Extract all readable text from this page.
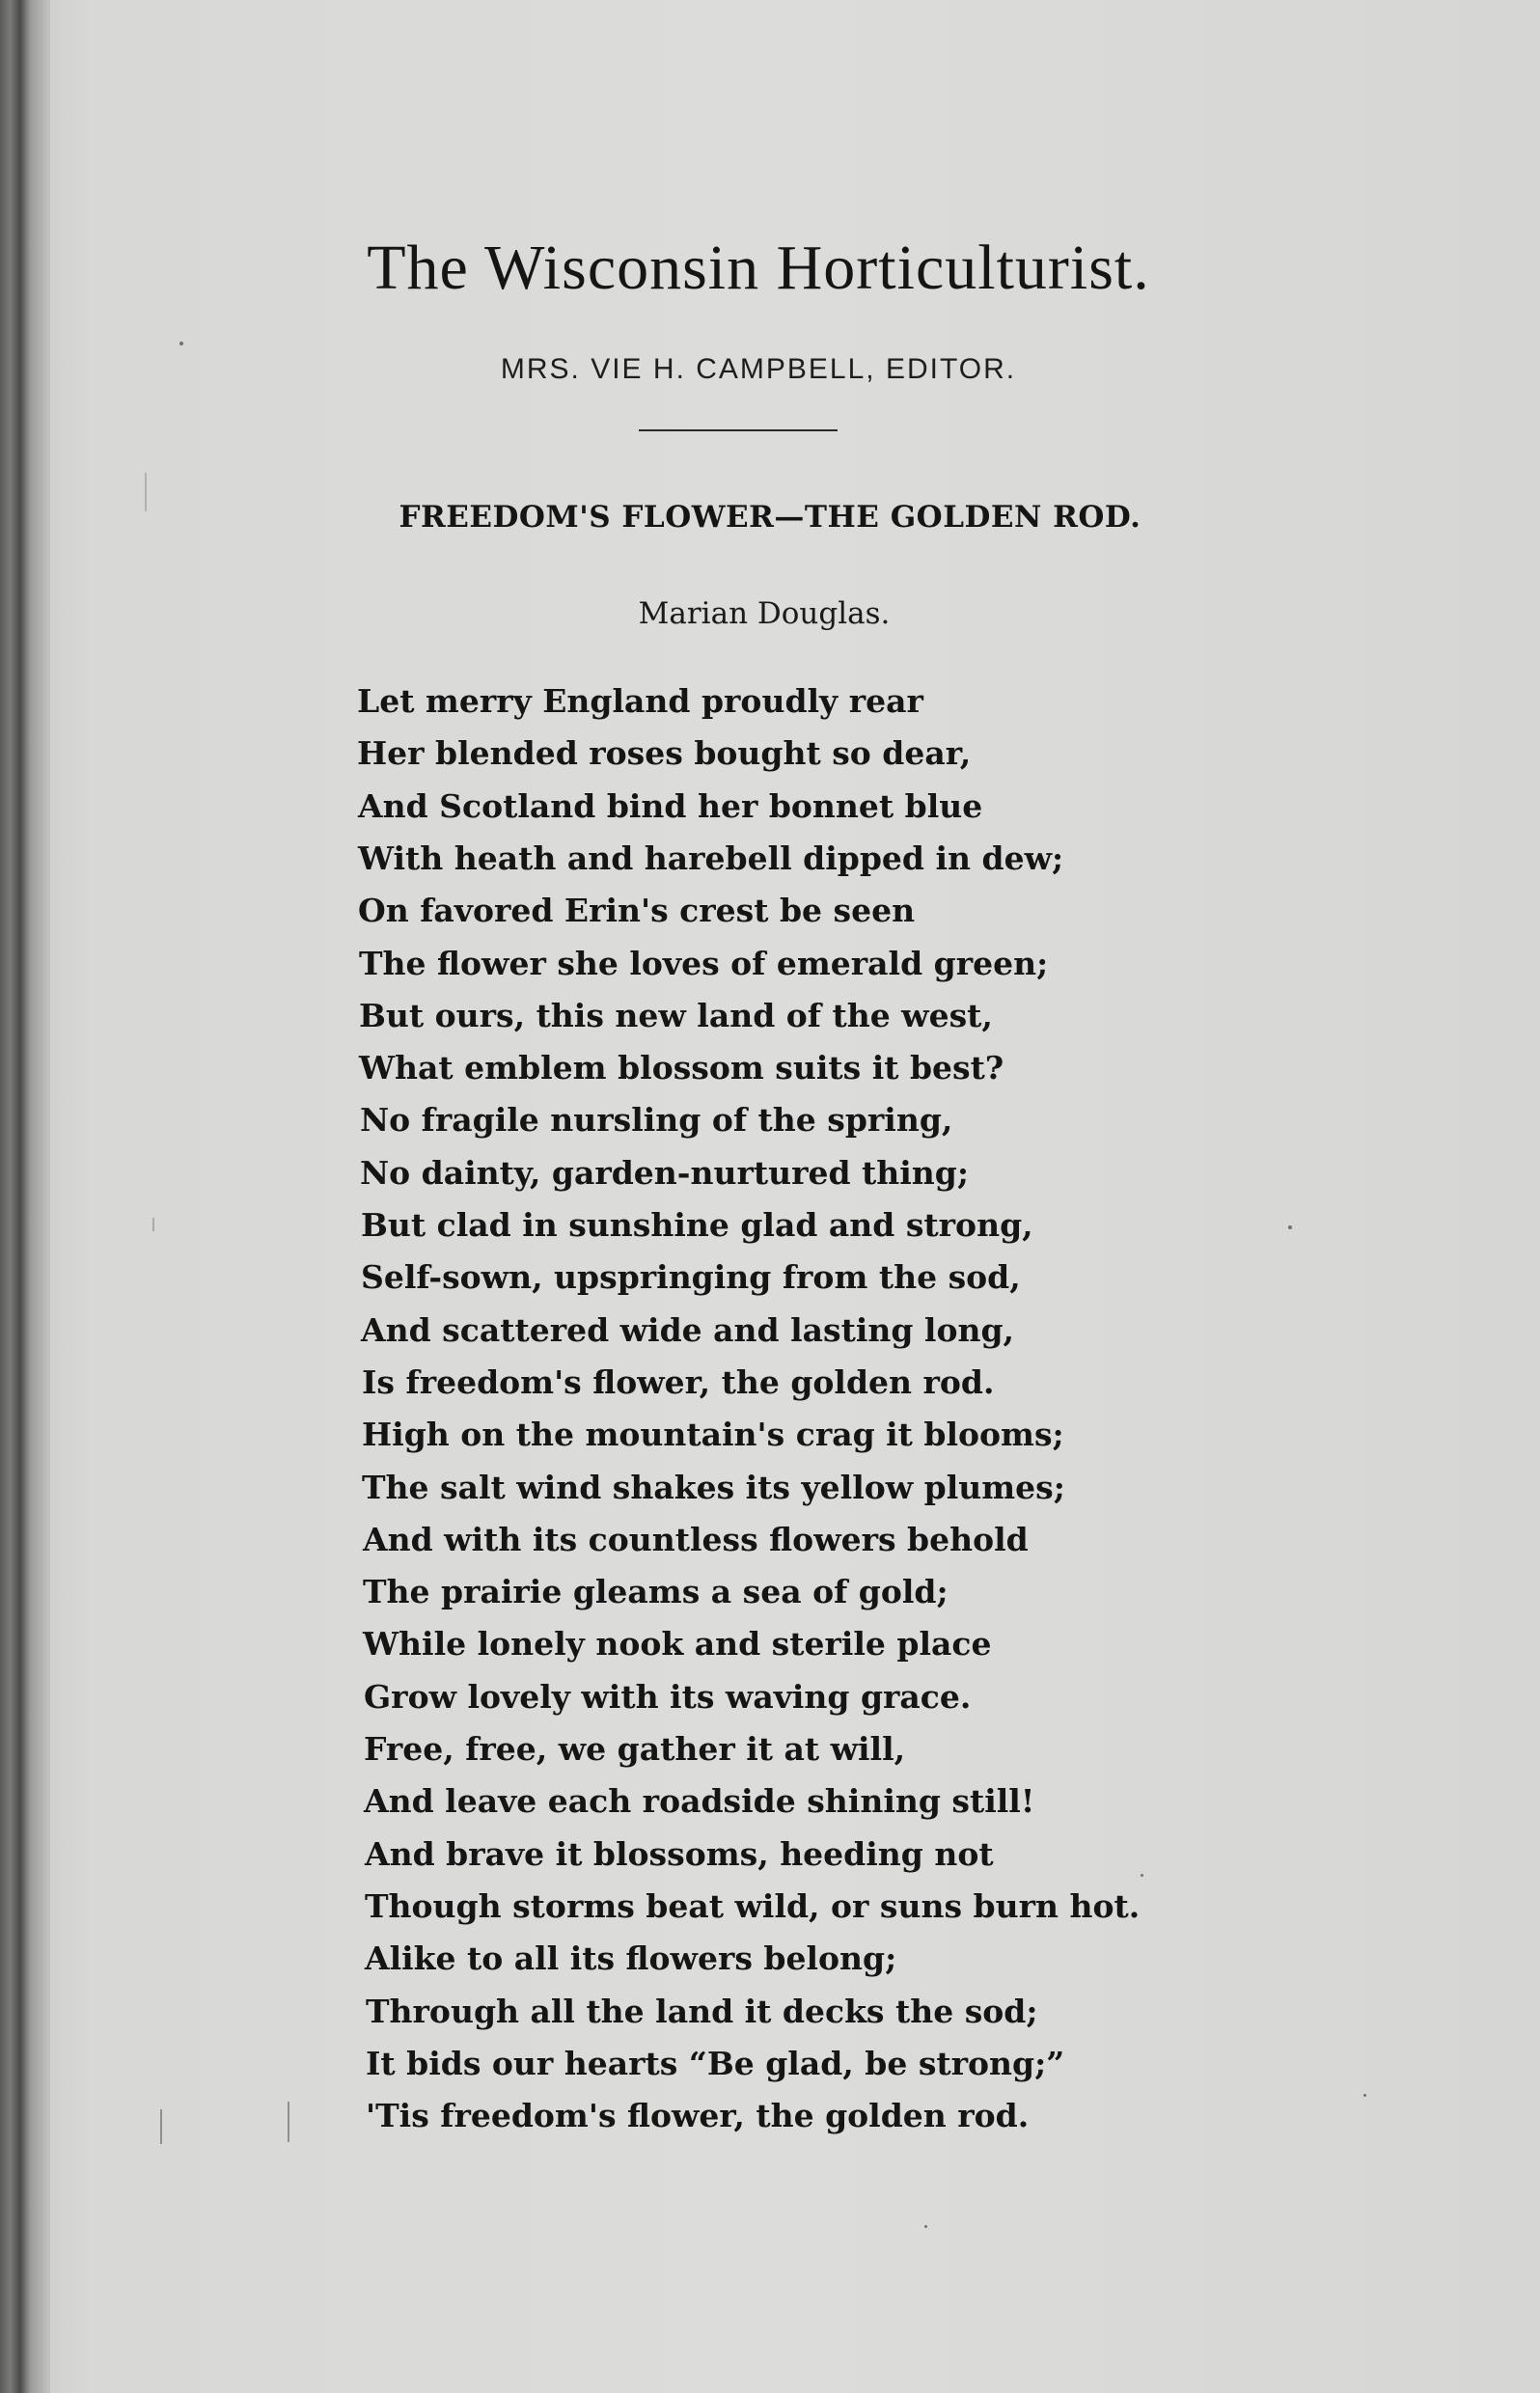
The Wisconsin Horticulturist.
MRS. VIE H. CAMPBELL, EDITOR.
FREEDOM'S FLOWER—THE GOLDEN ROD.
Marian Douglas.
Let merry England proudly rear
Her blended roses bought so dear,
And Scotland bind her bonnet blue
With heath and harebell dipped in dew;
On favored Erin's crest be seen
The flower she loves of emerald green;
But ours, this new land of the west,
What emblem blossom suits it best?
No fragile nursling of the spring,
No dainty, garden-nurtured thing;
But clad in sunshine glad and strong,
Self-sown, upspringing from the sod,
And scattered wide and lasting long,
Is freedom's flower, the golden rod.
High on the mountain's crag it blooms;
The salt wind shakes its yellow plumes;
And with its countless flowers behold
The prairie gleams a sea of gold;
While lonely nook and sterile place
Grow lovely with its waving grace.
Free, free, we gather it at will,
And leave each roadside shining still!
And brave it blossoms, heeding not
Though storms beat wild, or suns burn hot.
Alike to all its flowers belong;
Through all the land it decks the sod;
It bids our hearts “Be glad, be strong;”
'Tis freedom's flower, the golden rod.
